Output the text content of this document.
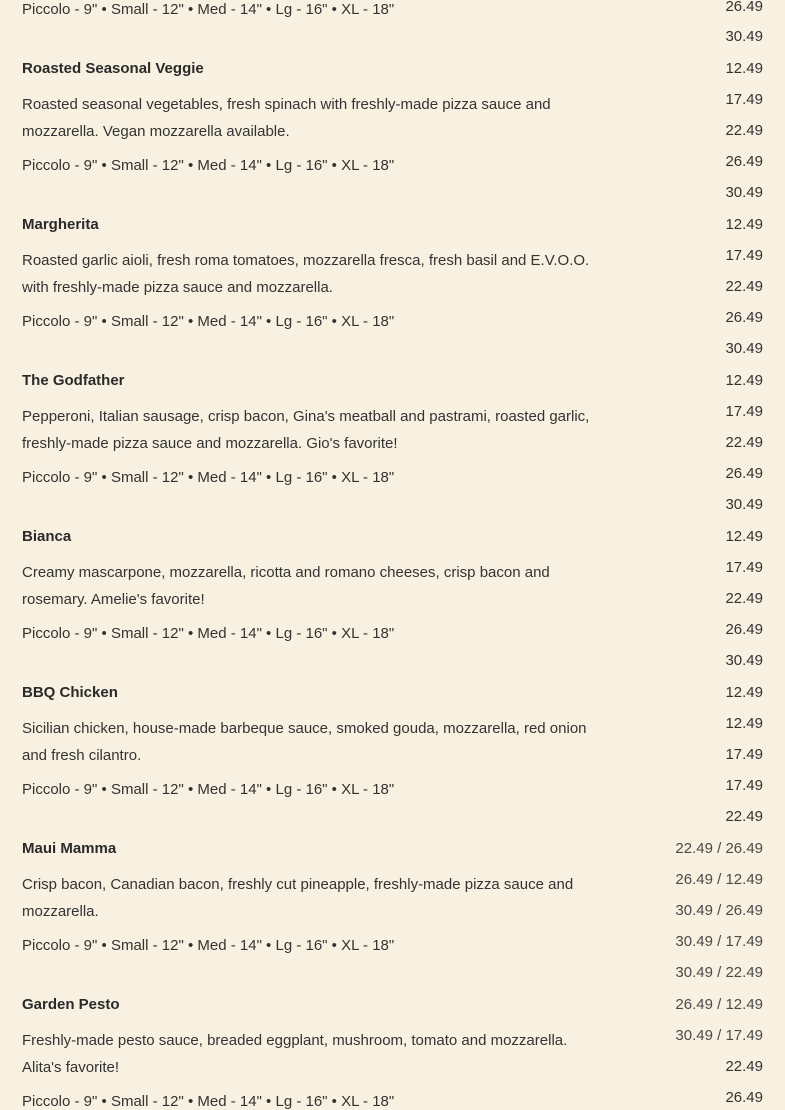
Piccolo - 9" • Small - 12" • Med - 14" • Lg - 16" • XL - 18"	26.49

30.49

Roasted Seasonal Veggie

Roasted seasonal vegetables, fresh spinach with freshly-made pizza sauce and mozzarella. Vegan mozzarella available.

Piccolo - 9" • Small - 12" • Med - 14" • Lg - 16" • XL - 18"

12.49

17.49

22.49

26.49

30.49

Margherita

Roasted garlic aioli, fresh roma tomatoes, mozzarella fresca, fresh basil and E.V.O.O. with freshly-made pizza sauce and mozzarella.

Piccolo - 9" • Small - 12" • Med - 14" • Lg - 16" • XL - 18"

12.49

17.49

22.49

26.49

30.49

The Godfather

Pepperoni, Italian sausage, crisp bacon, Gina's meatball and pastrami, roasted garlic, freshly-made pizza sauce and mozzarella. Gio's favorite!

Piccolo - 9" • Small - 12" • Med - 14" • Lg - 16" • XL - 18"

12.49

17.49

22.49

26.49

30.49

Bianca

Creamy mascarpone, mozzarella, ricotta and romano cheeses, crisp bacon and rosemary. Amelie's favorite!

Piccolo - 9" • Small - 12" • Med - 14" • Lg - 16" • XL - 18"

12.49

17.49

22.49

26.49

30.49

BBQ Chicken

Sicilian chicken, house-made barbeque sauce, smoked gouda, mozzarella, red onion and fresh cilantro.

Piccolo - 9" • Small - 12" • Med - 14" • Lg - 16" • XL - 18"

12.49

12.49

17.49

17.49

22.49

Maui Mamma

Crisp bacon, Canadian bacon, freshly cut pineapple, freshly-made pizza sauce and mozzarella.

Piccolo - 9" • Small - 12" • Med - 14" • Lg - 16" • XL - 18"

22.49 / 26.49

26.49 / 12.49

30.49 / 26.49

30.49 / 17.49

30.49 / 22.49

Garden Pesto

Freshly-made pesto sauce, breaded eggplant, mushroom, tomato and mozzarella. Alita's favorite!

Piccolo - 9" • Small - 12" • Med - 14" • Lg - 16" • XL - 18"

26.49 / 12.49

30.49 / 17.49

22.49

26.49
